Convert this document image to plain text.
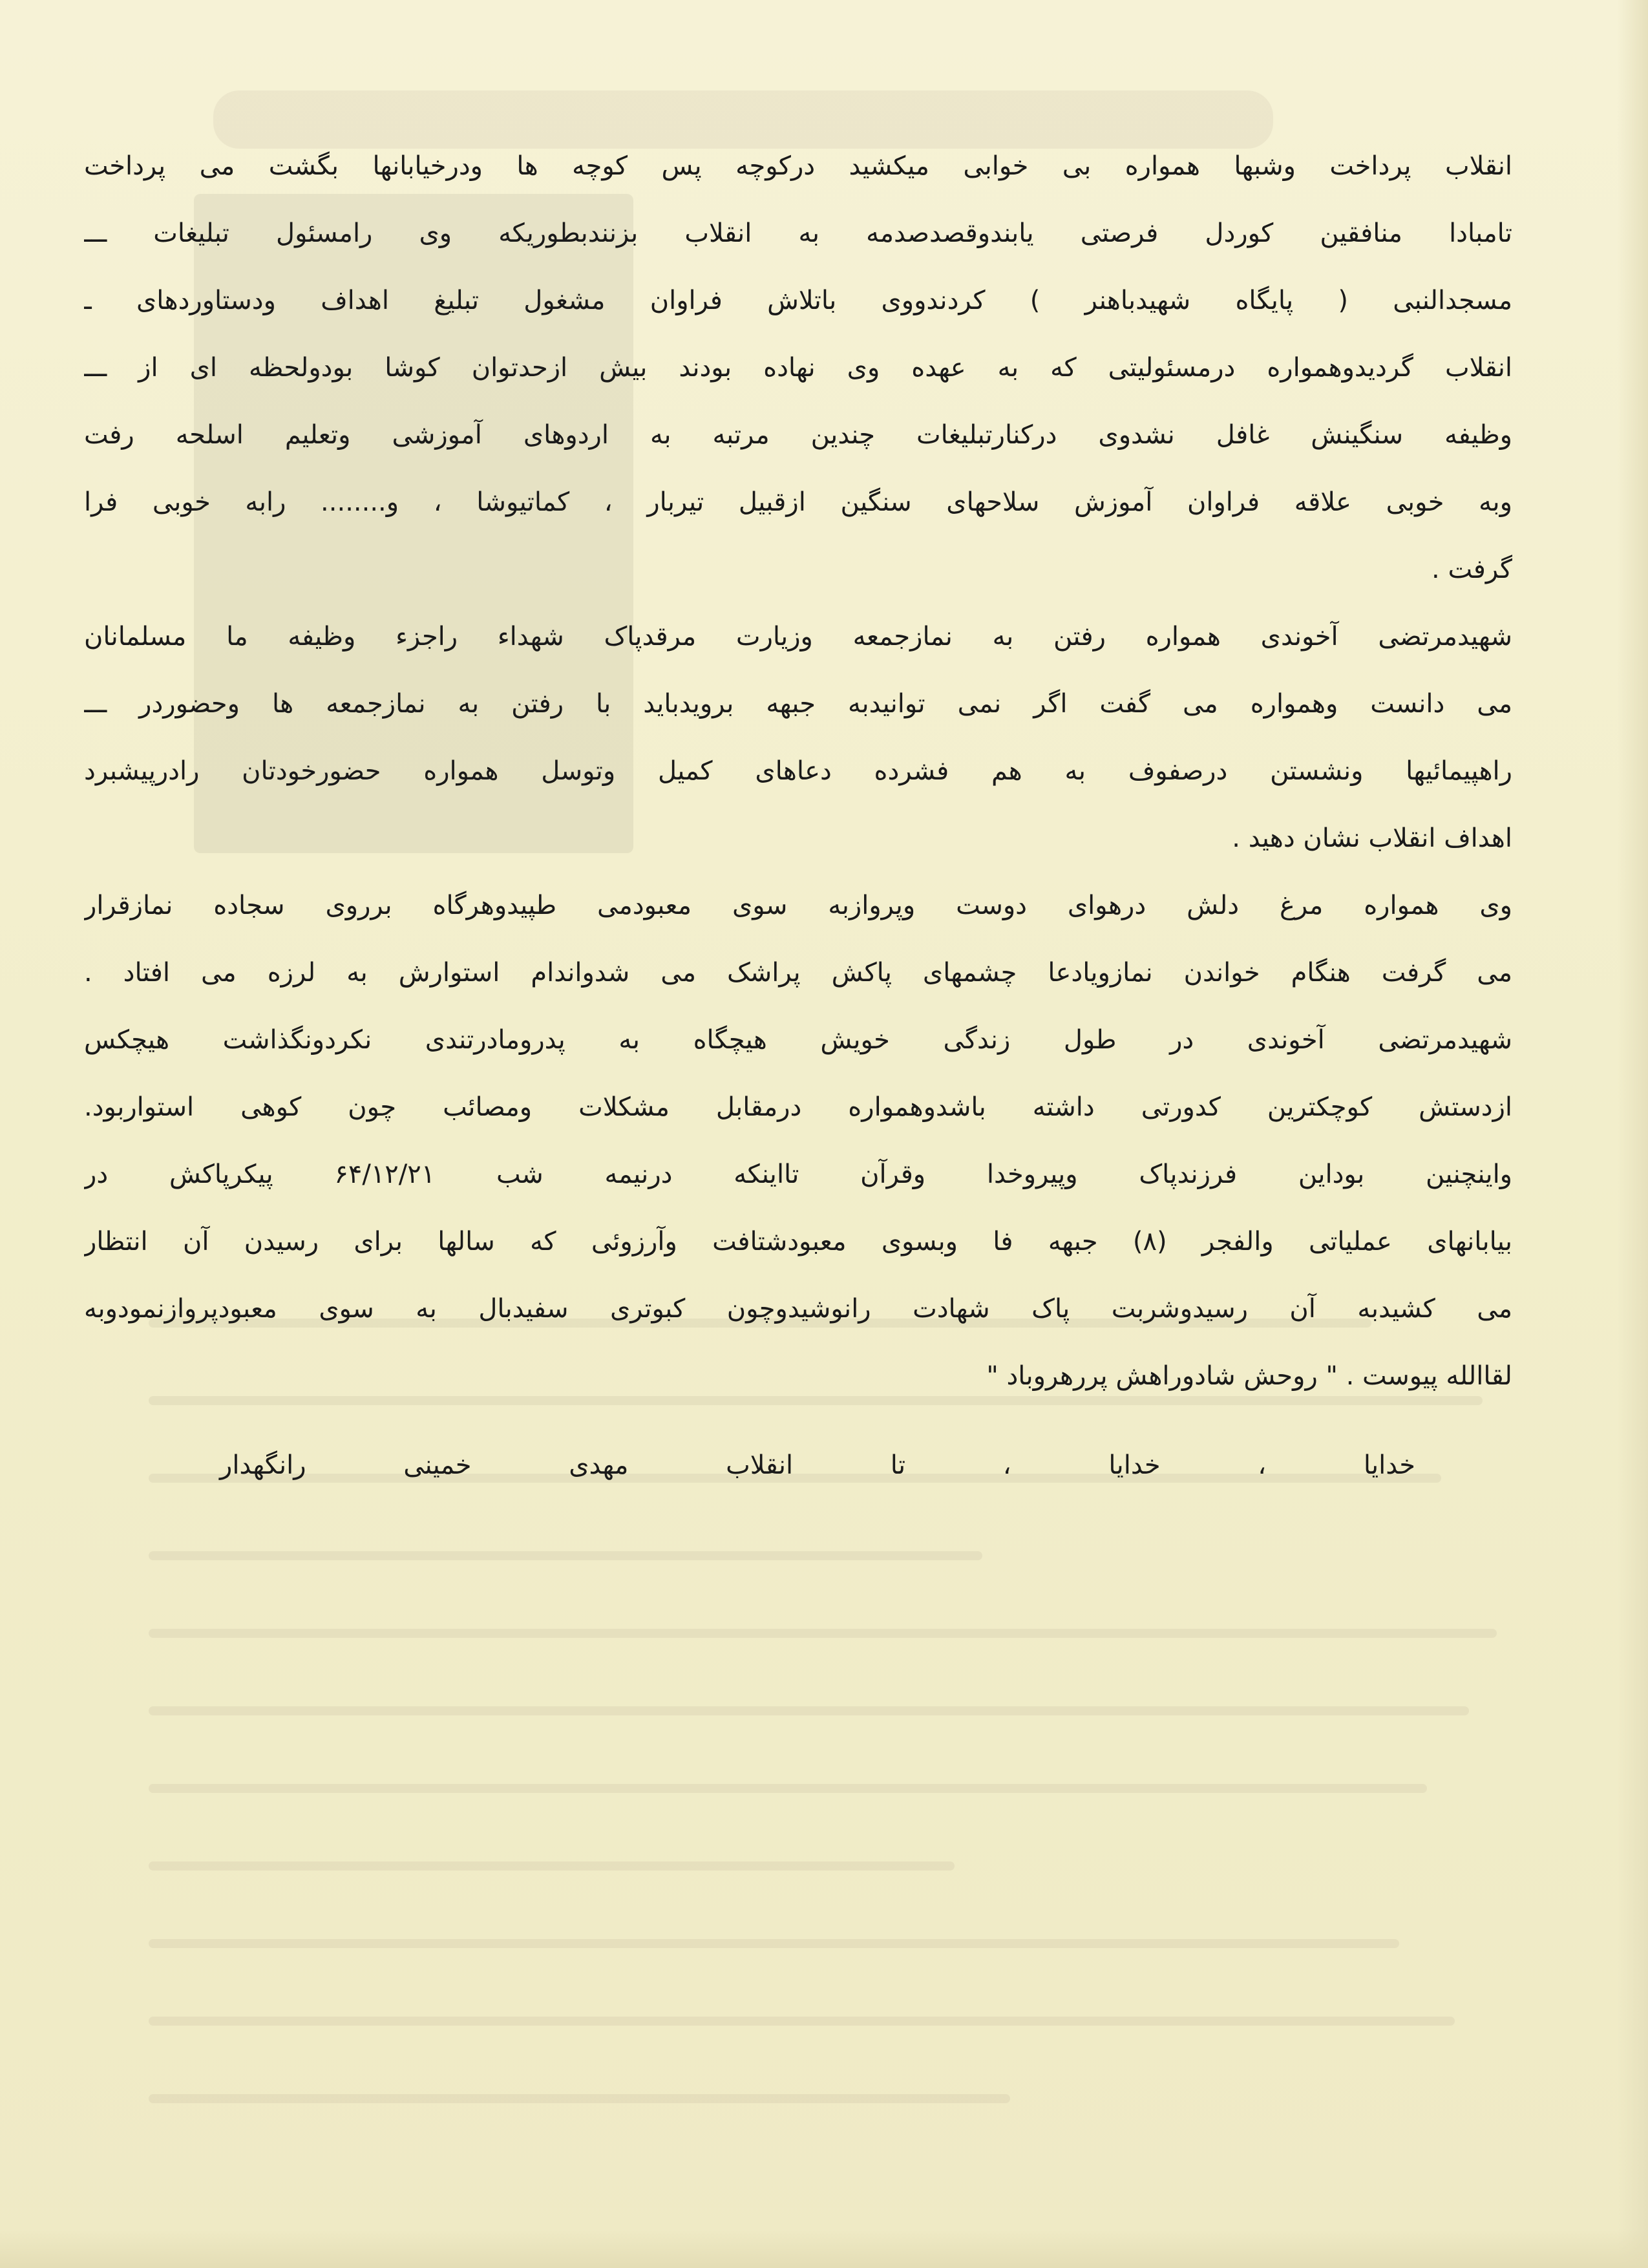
انقلاب پرداخت وشبها همواره بی خوابی میکشید درکوچه پس کوچه ها ودرخیابانها بگشت می پرداخت
تامبادا منافقین کوردل فرصتی یابندوقصدصدمه به انقلاب بزنندبطوریکه وی رامسئول تبلیغات ـــ
مسجدالنبی ( پایگاه شهیدباهنر ) کردندووی باتلاش فراوان مشغول تبلیغ اهداف ودستاوردهای ـ
انقلاب گردیدوهمواره درمسئولیتی که به عهده وی نهاده بودند بیش ازحدتوان کوشا بودولحظه ای از ـــ
وظیفه سنگینش غافل نشدوی درکنارتبلیغات چندین مرتبه به اردوهای آموزشی وتعلیم اسلحه رفت
وبه خوبی علاقه فراوان آموزش سلاحهای سنگین ازقبیل تیربار ، کماتیوشا ، و........ رابه خوبی فرا
گرفت .
شهیدمرتضی آخوندی همواره رفتن به نمازجمعه وزیارت مرقدپاک شهداء راجزء وظیفه ما مسلمانان
می دانست وهمواره می گفت اگر نمی توانیدبه جبهه برویدباید با رفتن به نمازجمعه ها وحضوردر ـــ
راهپیمائیها ونشستن درصفوف به هم فشرده دعاهای کمیل وتوسل همواره حضورخودتان رادرپیشبرد
اهداف انقلاب نشان دهید .
وی همواره مرغ دلش درهوای دوست وپروازبه سوی معبودمی طپیدوهرگاه برروی سجاده نمازقرار
می گرفت هنگام خواندن نمازویادعا چشمهای پاکش پراشک می شدواندام استوارش به لرزه می افتاد .
شهیدمرتضی آخوندی در طول زندگی خویش هیچگاه به پدرومادرتندی نکردونگذاشت هیچکس
ازدستش کوچکترین کدورتی داشته باشدوهمواره درمقابل مشکلات ومصائب چون کوهی استواربود.
واینچنین بوداین فرزندپاک وپیروخدا وقرآن تااینکه درنیمه شب ۶۴/۱۲/۲۱ پیکرپاکش در
بیابانهای عملیاتی والفجر (۸) جبهه فا وبسوی معبودشتافت وآرزوئی که سالها برای رسیدن آن انتظار
می کشیدبه آن رسیدوشربت پاک شهادت رانوشیدوچون کبوتری سفیدبال به سوی معبودپروازنمودوبه
لقاالله پیوست . " روحش شادوراهش پررهروباد "
خدایا ، خدایا ، تا انقلاب مهدی خمینی رانگهدار
